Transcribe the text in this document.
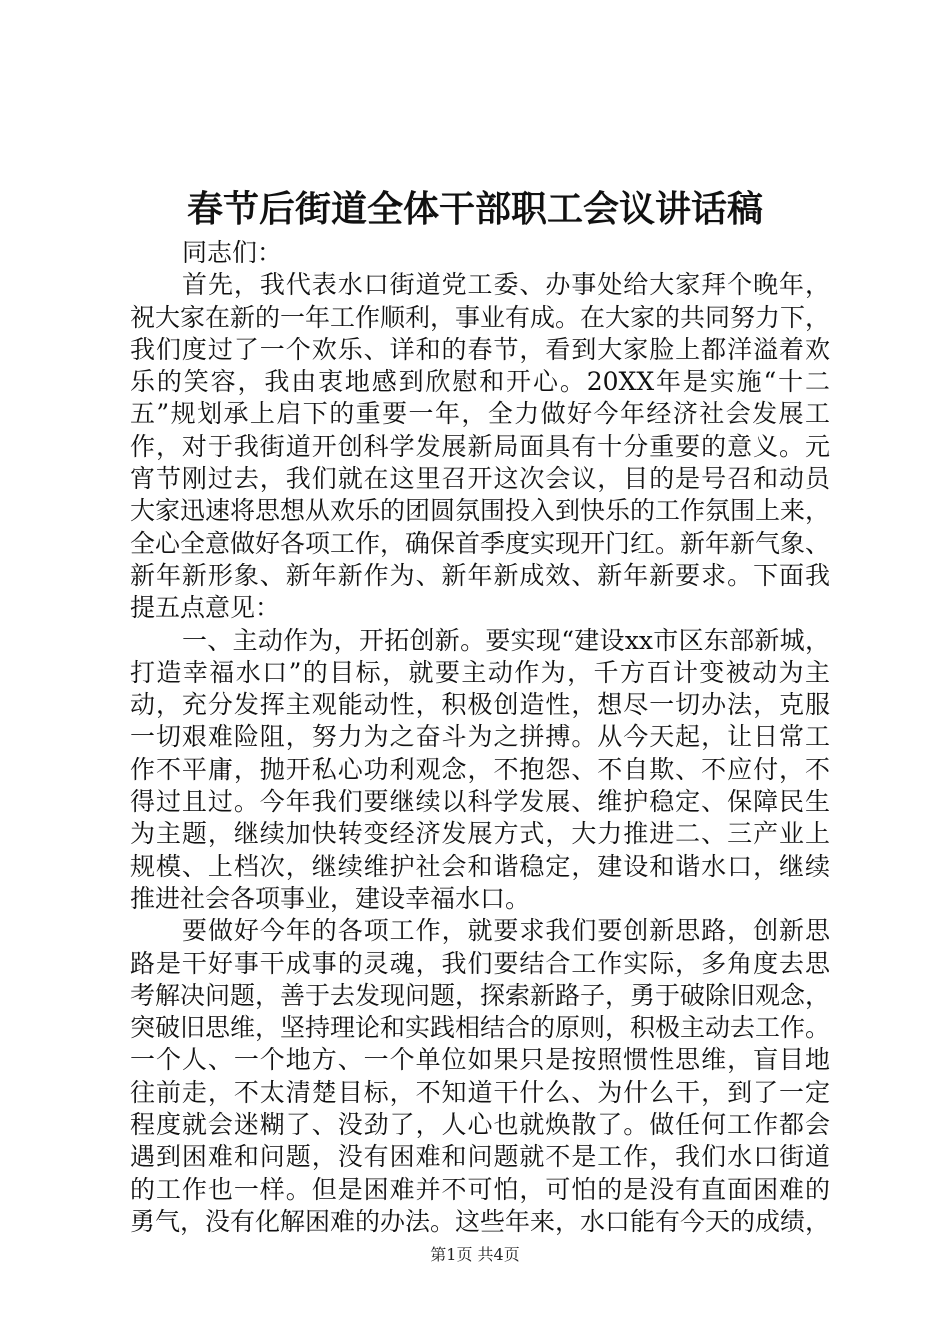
春节后街道全体干部职工会议讲话稿
同志们：
首先，我代表水口街道党工委、办事处给大家拜个晚年，
祝大家在新的一年工作顺利，事业有成。在大家的共同努力下，
我们度过了一个欢乐、详和的春节，看到大家脸上都洋溢着欢
乐的笑容，我由衷地感到欣慰和开心。20XX年是实施“十二
五”规划承上启下的重要一年，全力做好今年经济社会发展工
作，对于我街道开创科学发展新局面具有十分重要的意义。元
宵节刚过去，我们就在这里召开这次会议，目的是号召和动员
大家迅速将思想从欢乐的团圆氛围投入到快乐的工作氛围上来，
全心全意做好各项工作，确保首季度实现开门红。新年新气象、
新年新形象、新年新作为、新年新成效、新年新要求。下面我
提五点意见：
一、主动作为，开拓创新。要实现“建设xx市区东部新城，
打造幸福水口”的目标，就要主动作为，千方百计变被动为主
动，充分发挥主观能动性，积极创造性，想尽一切办法，克服
一切艰难险阻，努力为之奋斗为之拼搏。从今天起，让日常工
作不平庸，抛开私心功利观念，不抱怨、不自欺、不应付，不
得过且过。今年我们要继续以科学发展、维护稳定、保障民生
为主题，继续加快转变经济发展方式，大力推进二、三产业上
规模、上档次，继续维护社会和谐稳定，建设和谐水口，继续
推进社会各项事业，建设幸福水口。
要做好今年的各项工作，就要求我们要创新思路，创新思
路是干好事干成事的灵魂，我们要结合工作实际，多角度去思
考解决问题，善于去发现问题，探索新路子，勇于破除旧观念，
突破旧思维，坚持理论和实践相结合的原则，积极主动去工作。
一个人、一个地方、一个单位如果只是按照惯性思维，盲目地
往前走，不太清楚目标，不知道干什么、为什么干，到了一定
程度就会迷糊了、没劲了，人心也就焕散了。做任何工作都会
遇到困难和问题，没有困难和问题就不是工作，我们水口街道
的工作也一样。但是困难并不可怕，可怕的是没有直面困难的
勇气，没有化解困难的办法。这些年来，水口能有今天的成绩，
第1页 共4页
